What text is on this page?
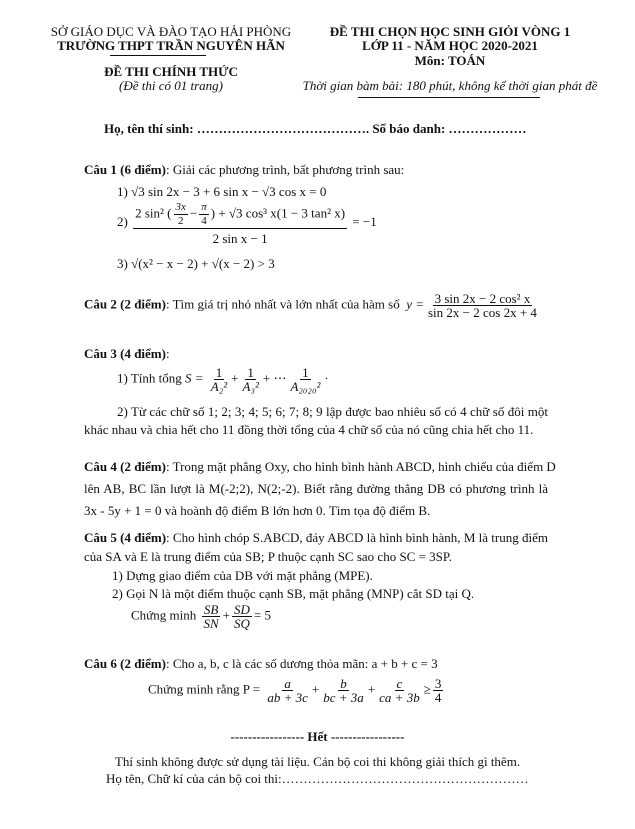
SỞ GIÁO DỤC VÀ ĐÀO TẠO HẢI PHÒNG
TRƯỜNG THPT TRẦN NGUYÊN HÃN
ĐỀ THI CHÍNH THỨC
(Đề thi có 01 trang)
ĐỀ THI CHỌN HỌC SINH GIỎI VÒNG 1
LỚP 11 - NĂM HỌC 2020-2021
Môn: TOÁN
Thời gian bàm bài: 180 phút, không kể thời gian phát đề
Họ, tên thí sinh: …………………………………. Số báo danh: ………………
Câu 1 (6 điểm): Giải các phương trình, bất phương trình sau:
1) √3 sin 2x − 3 + 6 sin x − √3 cos x = 0
$2) \frac{2 \sin^2 ( \frac{3x}{2} - \frac{\pi}{4} ) + √3 \cos^3 x(1 - 3 \tan^2 x)}{\text{2 sin x − 1}} = -1$
3) √(x² − x − 2) + √(x − 2) > 3
Câu 2 (2 điểm): Tìm giá trị nhỏ nhất và lớn nhất của hàm số $y = \frac{\text{3 sin 2x − 2 cos² x}}{\sin 2x - 2 \cos 2x + 4}$
Câu 3 (4 điểm):
1) Tính tổng $S = \frac{1}{\text{A₂²}} + \frac{1}{\text{A₃²}}$ + ⋯ $\frac{1}{\text{A₂₀₂₀²}}$ ·
2) Từ các chữ số 1; 2; 3; 4; 5; 6; 7; 8; 9 lập được bao nhiêu số có 4 chữ số đôi một
khác nhau và chia hết cho 11 đồng thời tổng của 4 chữ số của nó cũng chia hết cho 11.
Câu 4 (2 điểm): Trong mặt phẳng Oxy, cho hình bình hành ABCD, hình chiếu của điểm D
lên AB, BC lần lượt là M(-2;2), N(2;-2). Biết rằng đường thẳng DB có phương trình là
3x - 5y + 1 = 0 và hoành độ điểm B lớn hơn 0. Tìm tọa độ điểm B.
Câu 5 (4 điểm): Cho hình chóp S.ABCD, đáy ABCD là hình bình hành, M là trung điểm
của SA và E là trung điểm của SB; P thuộc cạnh SC sao cho SC = 3SP.
1) Dựng giao điểm của DB với mặt phẳng (MPE).
2) Gọi N là một điểm thuộc cạnh SB, mặt phẳng (MNP) cắt SD tại Q.
Chứng minh $\frac{SB}{SN} + \frac{SD}{SQ} = 5$
Câu 6 (2 điểm): Cho a, b, c là các số dương thỏa mãn: a + b + c = 3
Chứng minh rằng $P = \frac{a}{ab + 3c} + \frac{b}{bc + 3a} + \frac{c}{ca + 3b} \ge \frac{3}{4}$
----------------- Hết -----------------
Thí sinh không được sử dụng tài liệu. Cán bộ coi thi không giải thích gì thêm.
Họ tên, Chữ kí của cán bộ coi thi:…………………………………………………
